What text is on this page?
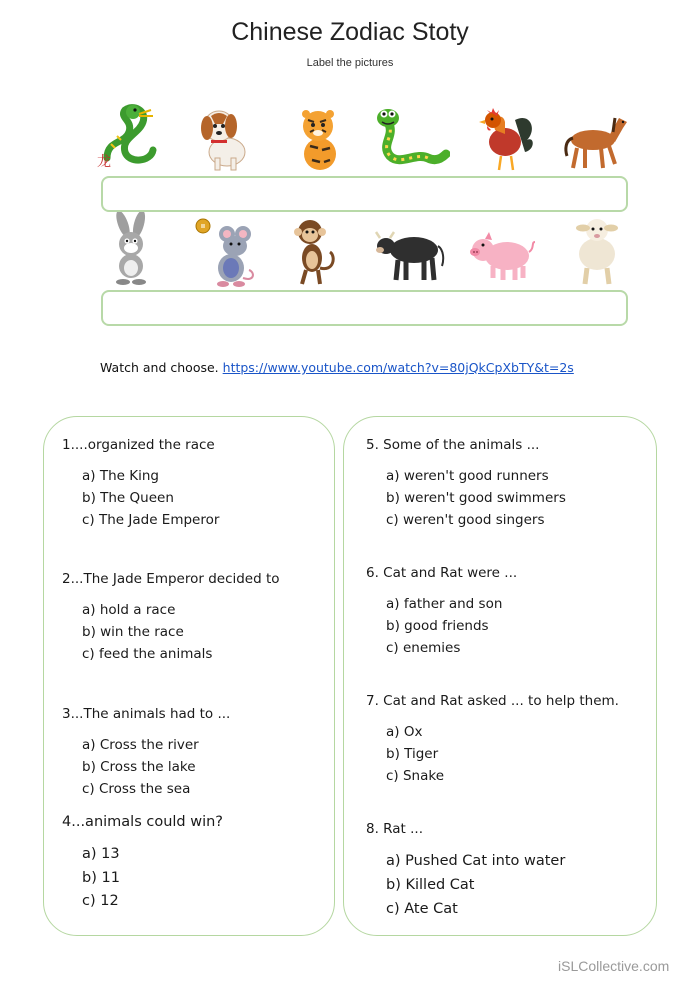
Chinese Zodiac Stoty
Label the pictures
龙
Watch and choose. https://www.youtube.com/watch?v=80jQkCpXbTY&t=2s
1....organized the race
a) The King
b) The Queen
c) The Jade Emperor
2...The Jade Emperor decided to
a) hold a race
b) win the race
c) feed the animals
3...The animals had to ...
a) Cross the river
b) Cross the lake
c) Cross the sea
4...animals could win?
a) 13
b) 11
c) 12
5. Some of the animals ...
a) weren't good runners
b) weren't good swimmers
c) weren't good singers
6. Cat and Rat were ...
a) father and son
b) good friends
c) enemies
7. Cat and Rat asked ... to help them.
a) Ox
b) Tiger
c) Snake
8. Rat ...
a) Pushed Cat into water
b) Killed Cat
c) Ate Cat
iSLCollective.com
